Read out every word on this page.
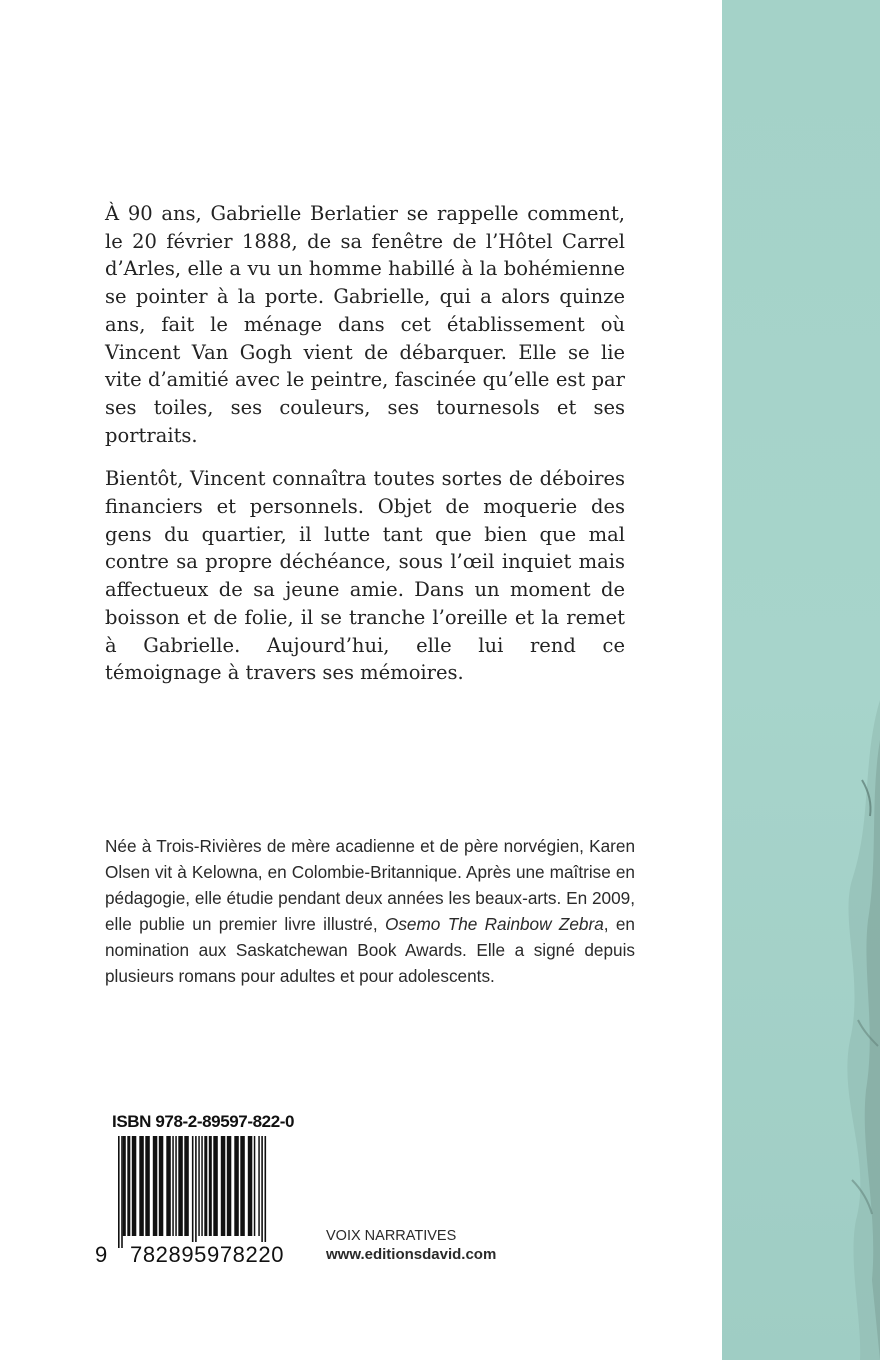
À 90 ans, Gabrielle Berlatier se rappelle comment, le 20 février 1888, de sa fenêtre de l’Hôtel Carrel d’Arles, elle a vu un homme habillé à la bohémienne se pointer à la porte. Gabrielle, qui a alors quinze ans, fait le ménage dans cet établissement où Vincent Van Gogh vient de débarquer. Elle se lie vite d’amitié avec le peintre, fascinée qu’elle est par ses toiles, ses couleurs, ses tournesols et ses portraits.

Bientôt, Vincent connaîtra toutes sortes de déboires financiers et personnels. Objet de moquerie des gens du quartier, il lutte tant que bien que mal contre sa propre déchéance, sous l’œil inquiet mais affectueux de sa jeune amie. Dans un moment de boisson et de folie, il se tranche l’oreille et la remet à Gabrielle. Aujourd’hui, elle lui rend ce témoignage à travers ses mémoires.

Née à Trois-Rivières de mère acadienne et de père norvégien, Karen Olsen vit à Kelowna, en Colombie-Britannique. Après une maîtrise en pédagogie, elle étudie pendant deux années les beaux-arts. En 2009, elle publie un premier livre illustré, Osemo The Rainbow Zebra, en nomination aux Saskatchewan Book Awards. Elle a signé depuis plusieurs romans pour adultes et pour adolescents.
ISBN 978-2-89597-822-0
9 782895978220
VOIX NARRATIVES
www.editionsdavid.com
